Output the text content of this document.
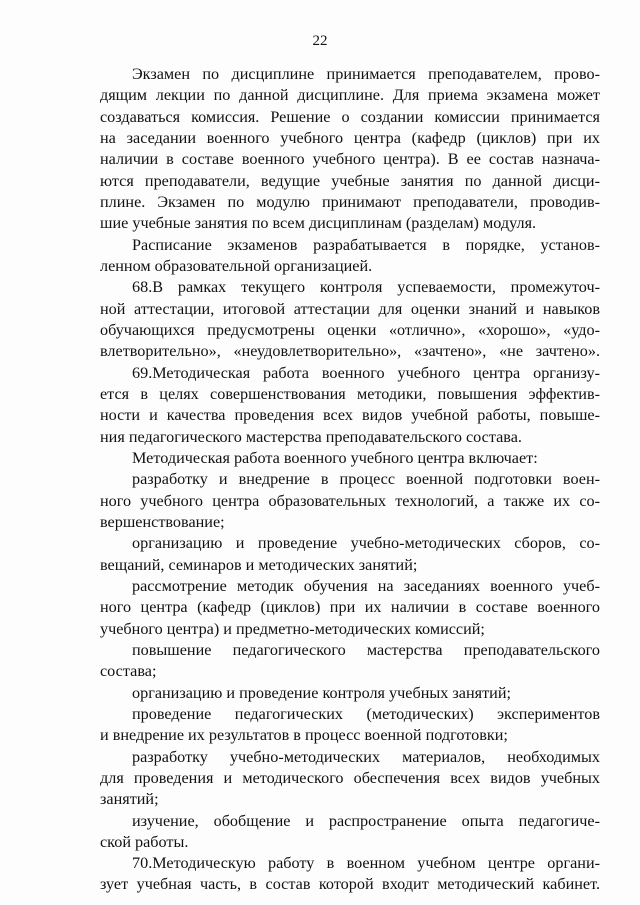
22
Экзамен по дисциплине принимается преподавателем, прово-
дящим лекции по данной дисциплине. Для приема экзамена может
создаваться комиссия. Решение о создании комиссии принимается
на заседании военного учебного центра (кафедр (циклов) при их
наличии в составе военного учебного центра). В ее состав назнача-
ются преподаватели, ведущие учебные занятия по данной дисци-
плине. Экзамен по модулю принимают преподаватели, проводив-
шие учебные занятия по всем дисциплинам (разделам) модуля.
Расписание экзаменов разрабатывается в порядке, установ-
ленном образовательной организацией.
68.В рамках текущего контроля успеваемости, промежуточ-
ной аттестации, итоговой аттестации для оценки знаний и навыков
обучающихся предусмотрены оценки «отлично», «хорошо», «удо-
влетворительно», «неудовлетворительно», «зачтено», «не зачтено».
69.Методическая работа военного учебного центра организу-
ется в целях совершенствования методики, повышения эффектив-
ности и качества проведения всех видов учебной работы, повыше-
ния педагогического мастерства преподавательского состава.
Методическая работа военного учебного центра включает:
разработку и внедрение в процесс военной подготовки воен-
ного учебного центра образовательных технологий, а также их со-
вершенствование;
организацию и проведение учебно-методических сборов, со-
вещаний, семинаров и методических занятий;
рассмотрение методик обучения на заседаниях военного учеб-
ного центра (кафедр (циклов) при их наличии в составе военного
учебного центра) и предметно-методических комиссий;
повышение педагогического мастерства преподавательского
состава;
организацию и проведение контроля учебных занятий;
проведение педагогических (методических) экспериментов
и внедрение их результатов в процесс военной подготовки;
разработку учебно-методических материалов, необходимых
для проведения и методического обеспечения всех видов учебных
занятий;
изучение, обобщение и распространение опыта педагогиче-
ской работы.
70.Методическую работу в военном учебном центре органи-
зует учебная часть, в состав которой входит методический кабинет.
